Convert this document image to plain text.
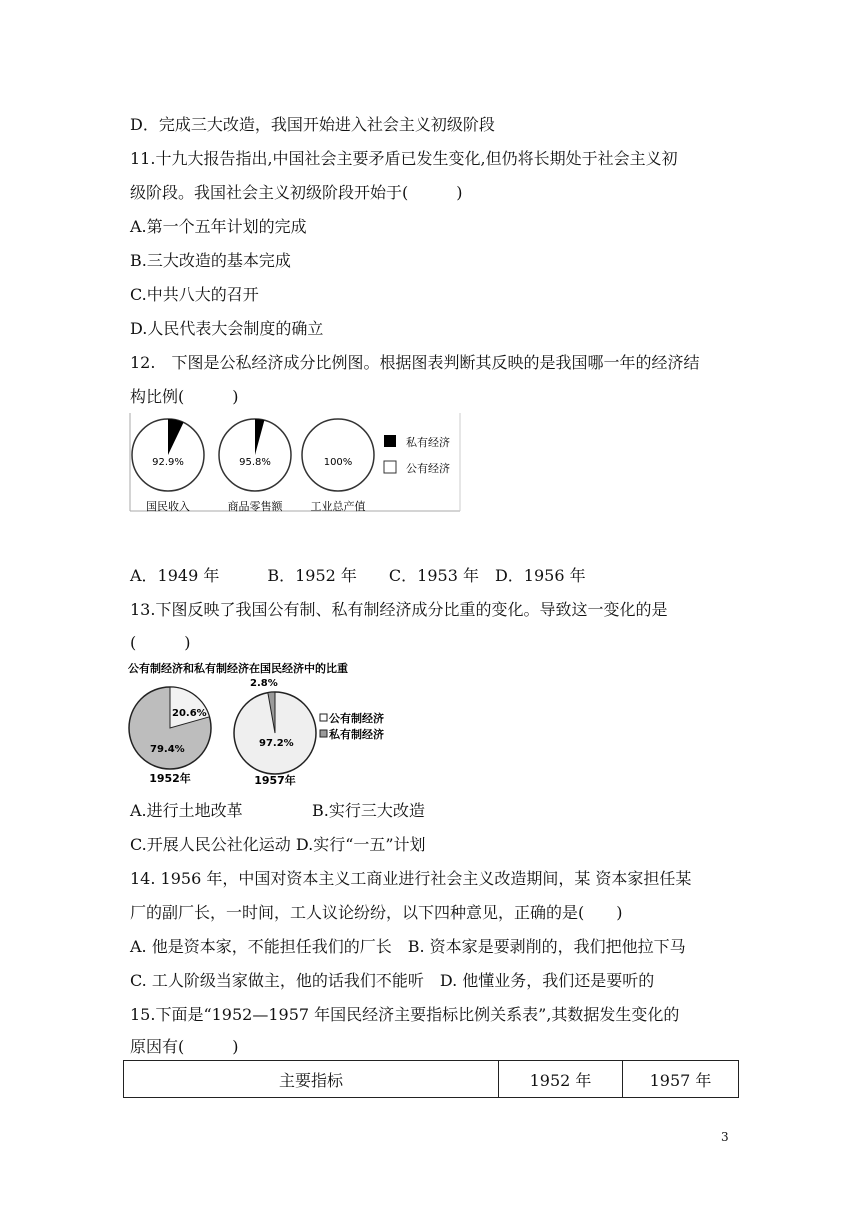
D．完成三大改造，我国开始进入社会主义初级阶段
11.十九大报告指出,中国社会主要矛盾已发生变化,但仍将长期处于社会主义初
级阶段。我国社会主义初级阶段开始于(　　　)
A.第一个五年计划的完成
B.三大改造的基本完成
C.中共八大的召开
D.人民代表大会制度的确立
12.　下图是公私经济成分比例图。根据图表判断其反映的是我国哪一年的经济结
构比例(　　　)
92.9%
国民收入
95.8%
商品零售额
100%
工业总产值
私有经济
公有经济
A．1949 年　　　B．1952 年　　C．1953 年　D．1956 年
13.下图反映了我国公有制、私有制经济成分比重的变化。导致这一变化的是
(　　　)
公有制经济和私有制经济在国民经济中的比重
20.6%
79.4%
1952年
2.8%
97.2%
1957年
公有制经济
私有制经济
A.进行土地改革	B.实行三大改造
C.开展人民公社化运动 D.实行“一五”计划
14. 1956 年，中国对资本主义工商业进行社会主义改造期间，某 资本家担任某
厂的副厂长，一时间，工人议论纷纷，以下四种意见，正确的是(　　)
A. 他是资本家，不能担任我们的厂长　B. 资本家是要剥削的，我们把他拉下马
C. 工人阶级当家做主，他的话我们不能听　D. 他懂业务，我们还是要听的
15.下面是“1952—1957 年国民经济主要指标比例关系表”,其数据发生变化的
原因有(　　　)
主要指标	1952 年	1957 年
3
